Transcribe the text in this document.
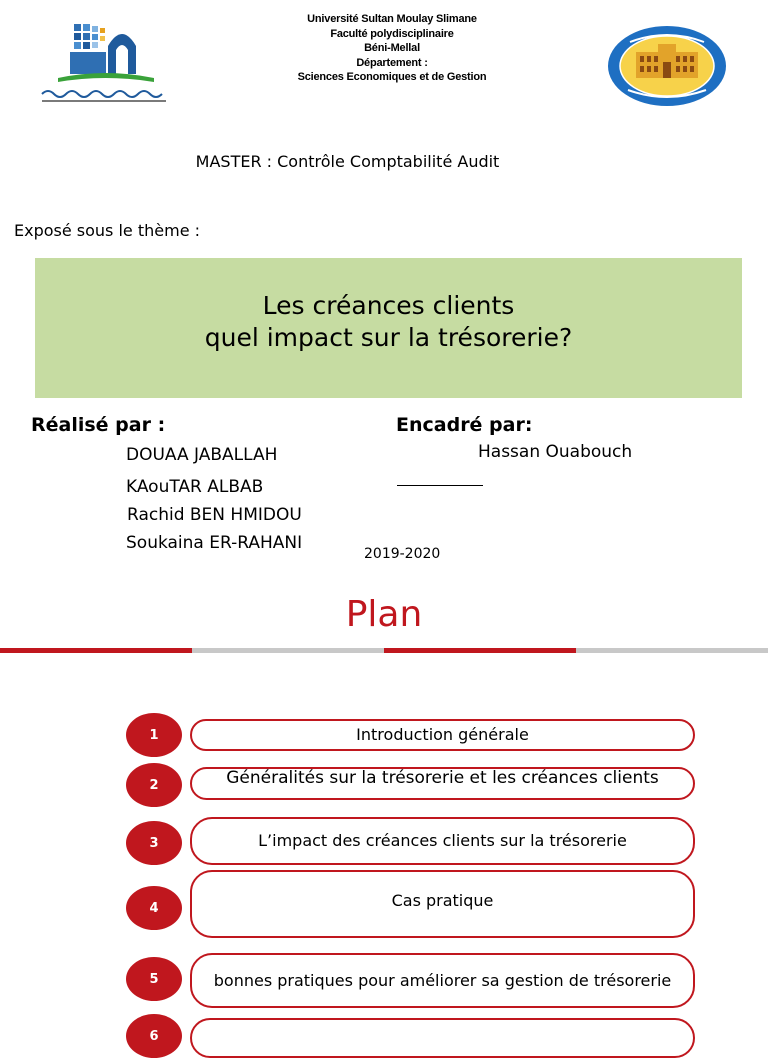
Université Sultan Moulay Slimane
Faculté polydisciplinaire
Béni-Mellal
Département :
Sciences Economiques et de Gestion
MASTER : Contrôle Comptabilité Audit
Exposé sous le thème :
Les créances clients
quel impact sur la trésorerie?
Réalisé par :
DOUAA JABALLAH
KAouTAR ALBAB
Rachid BEN HMIDOU
Soukaina ER-RAHANI
Encadré par:
Hassan Ouabouch
2019-2020
Plan
1	Introduction générale
2	Généralités sur la trésorerie et les créances clients
3	L’impact des créances clients sur la trésorerie
4	Cas pratique
5	bonnes pratiques pour améliorer sa gestion de trésorerie
6
